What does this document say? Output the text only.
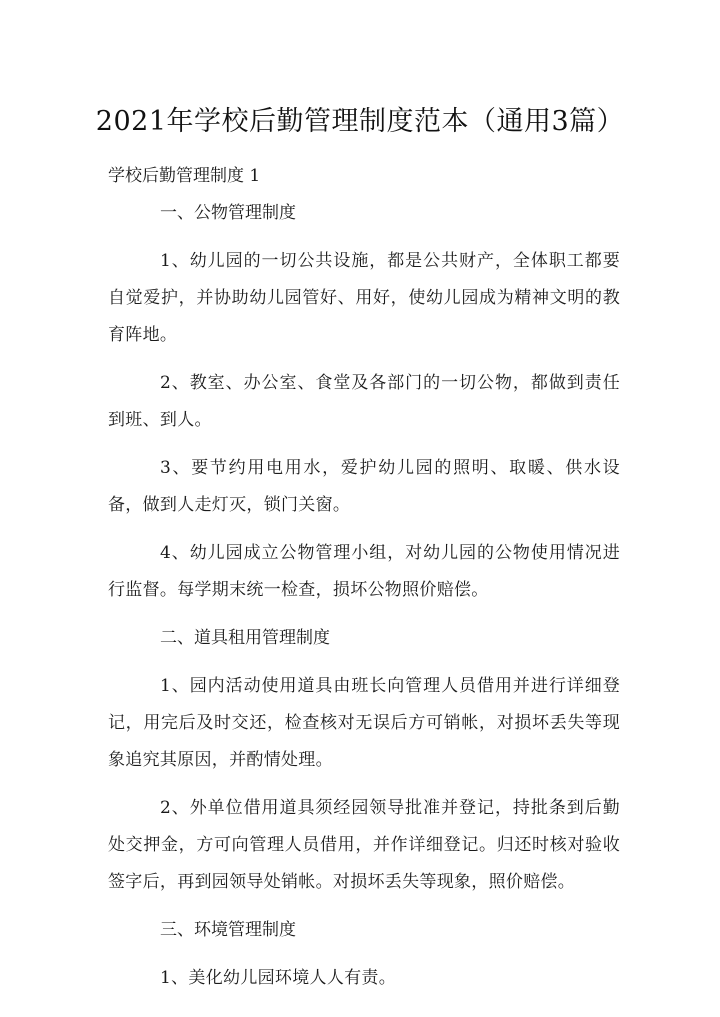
2021年学校后勤管理制度范本（通用3篇）
学校后勤管理制度 1
一、公物管理制度

1、幼儿园的一切公共设施，都是公共财产，全体职工都要自觉爱护，并协助幼儿园管好、用好，使幼儿园成为精神文明的教育阵地。

2、教室、办公室、食堂及各部门的一切公物，都做到责任到班、到人。

3、要节约用电用水，爱护幼儿园的照明、取暖、供水设备，做到人走灯灭，锁门关窗。

4、幼儿园成立公物管理小组，对幼儿园的公物使用情况进行监督。每学期末统一检查，损坏公物照价赔偿。

二、道具租用管理制度

1、园内活动使用道具由班长向管理人员借用并进行详细登记，用完后及时交还，检查核对无误后方可销帐，对损坏丢失等现象追究其原因，并酌情处理。

2、外单位借用道具须经园领导批准并登记，持批条到后勤处交押金，方可向管理人员借用，并作详细登记。归还时核对验收签字后，再到园领导处销帐。对损坏丢失等现象，照价赔偿。

三、环境管理制度

1、美化幼儿园环境人人有责。
